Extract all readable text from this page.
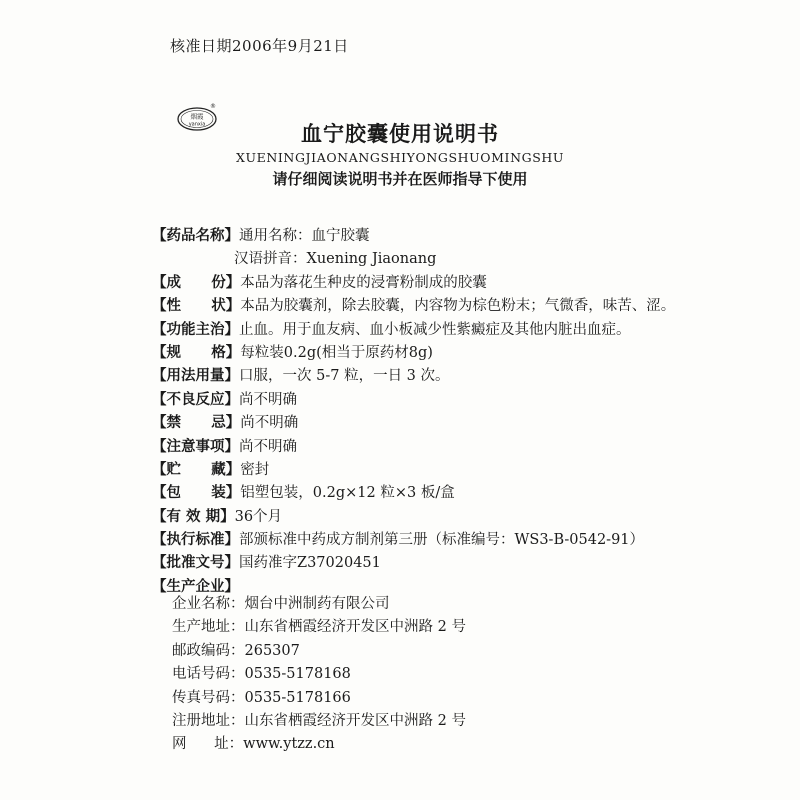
核准日期2006年9月21日
烟霞
yanxia
®
血宁胶囊使用说明书
XUENINGJIAONANGSHIYONGSHUOMINGSHU
请仔细阅读说明书并在医师指导下使用
【药品名称】通用名称：血宁胶囊
汉语拼音：Xuening Jiaonang
【成      份】本品为落花生种皮的浸膏粉制成的胶囊
【性      状】本品为胶囊剂，除去胶囊，内容物为棕色粉末；气微香，味苦、涩。
【功能主治】止血。用于血友病、血小板减少性紫癜症及其他内脏出血症。
【规      格】每粒装0.2g(相当于原药材8g)
【用法用量】口服，一次 5-7 粒，一日 3 次。
【不良反应】尚不明确
【禁      忌】尚不明确
【注意事项】尚不明确
【贮      藏】密封
【包      装】铝塑包装，0.2g×12 粒×3 板/盒
【有 效 期】36个月
【执行标准】部颁标准中药成方制剂第三册（标准编号：WS3-B-0542-91）
【批准文号】国药准字Z37020451
【生产企业】
企业名称：烟台中洲制药有限公司
生产地址：山东省栖霞经济开发区中洲路 2 号
邮政编码：265307
电话号码：0535-5178168
传真号码：0535-5178166
注册地址：山东省栖霞经济开发区中洲路 2 号
网      址：www.ytzz.cn
